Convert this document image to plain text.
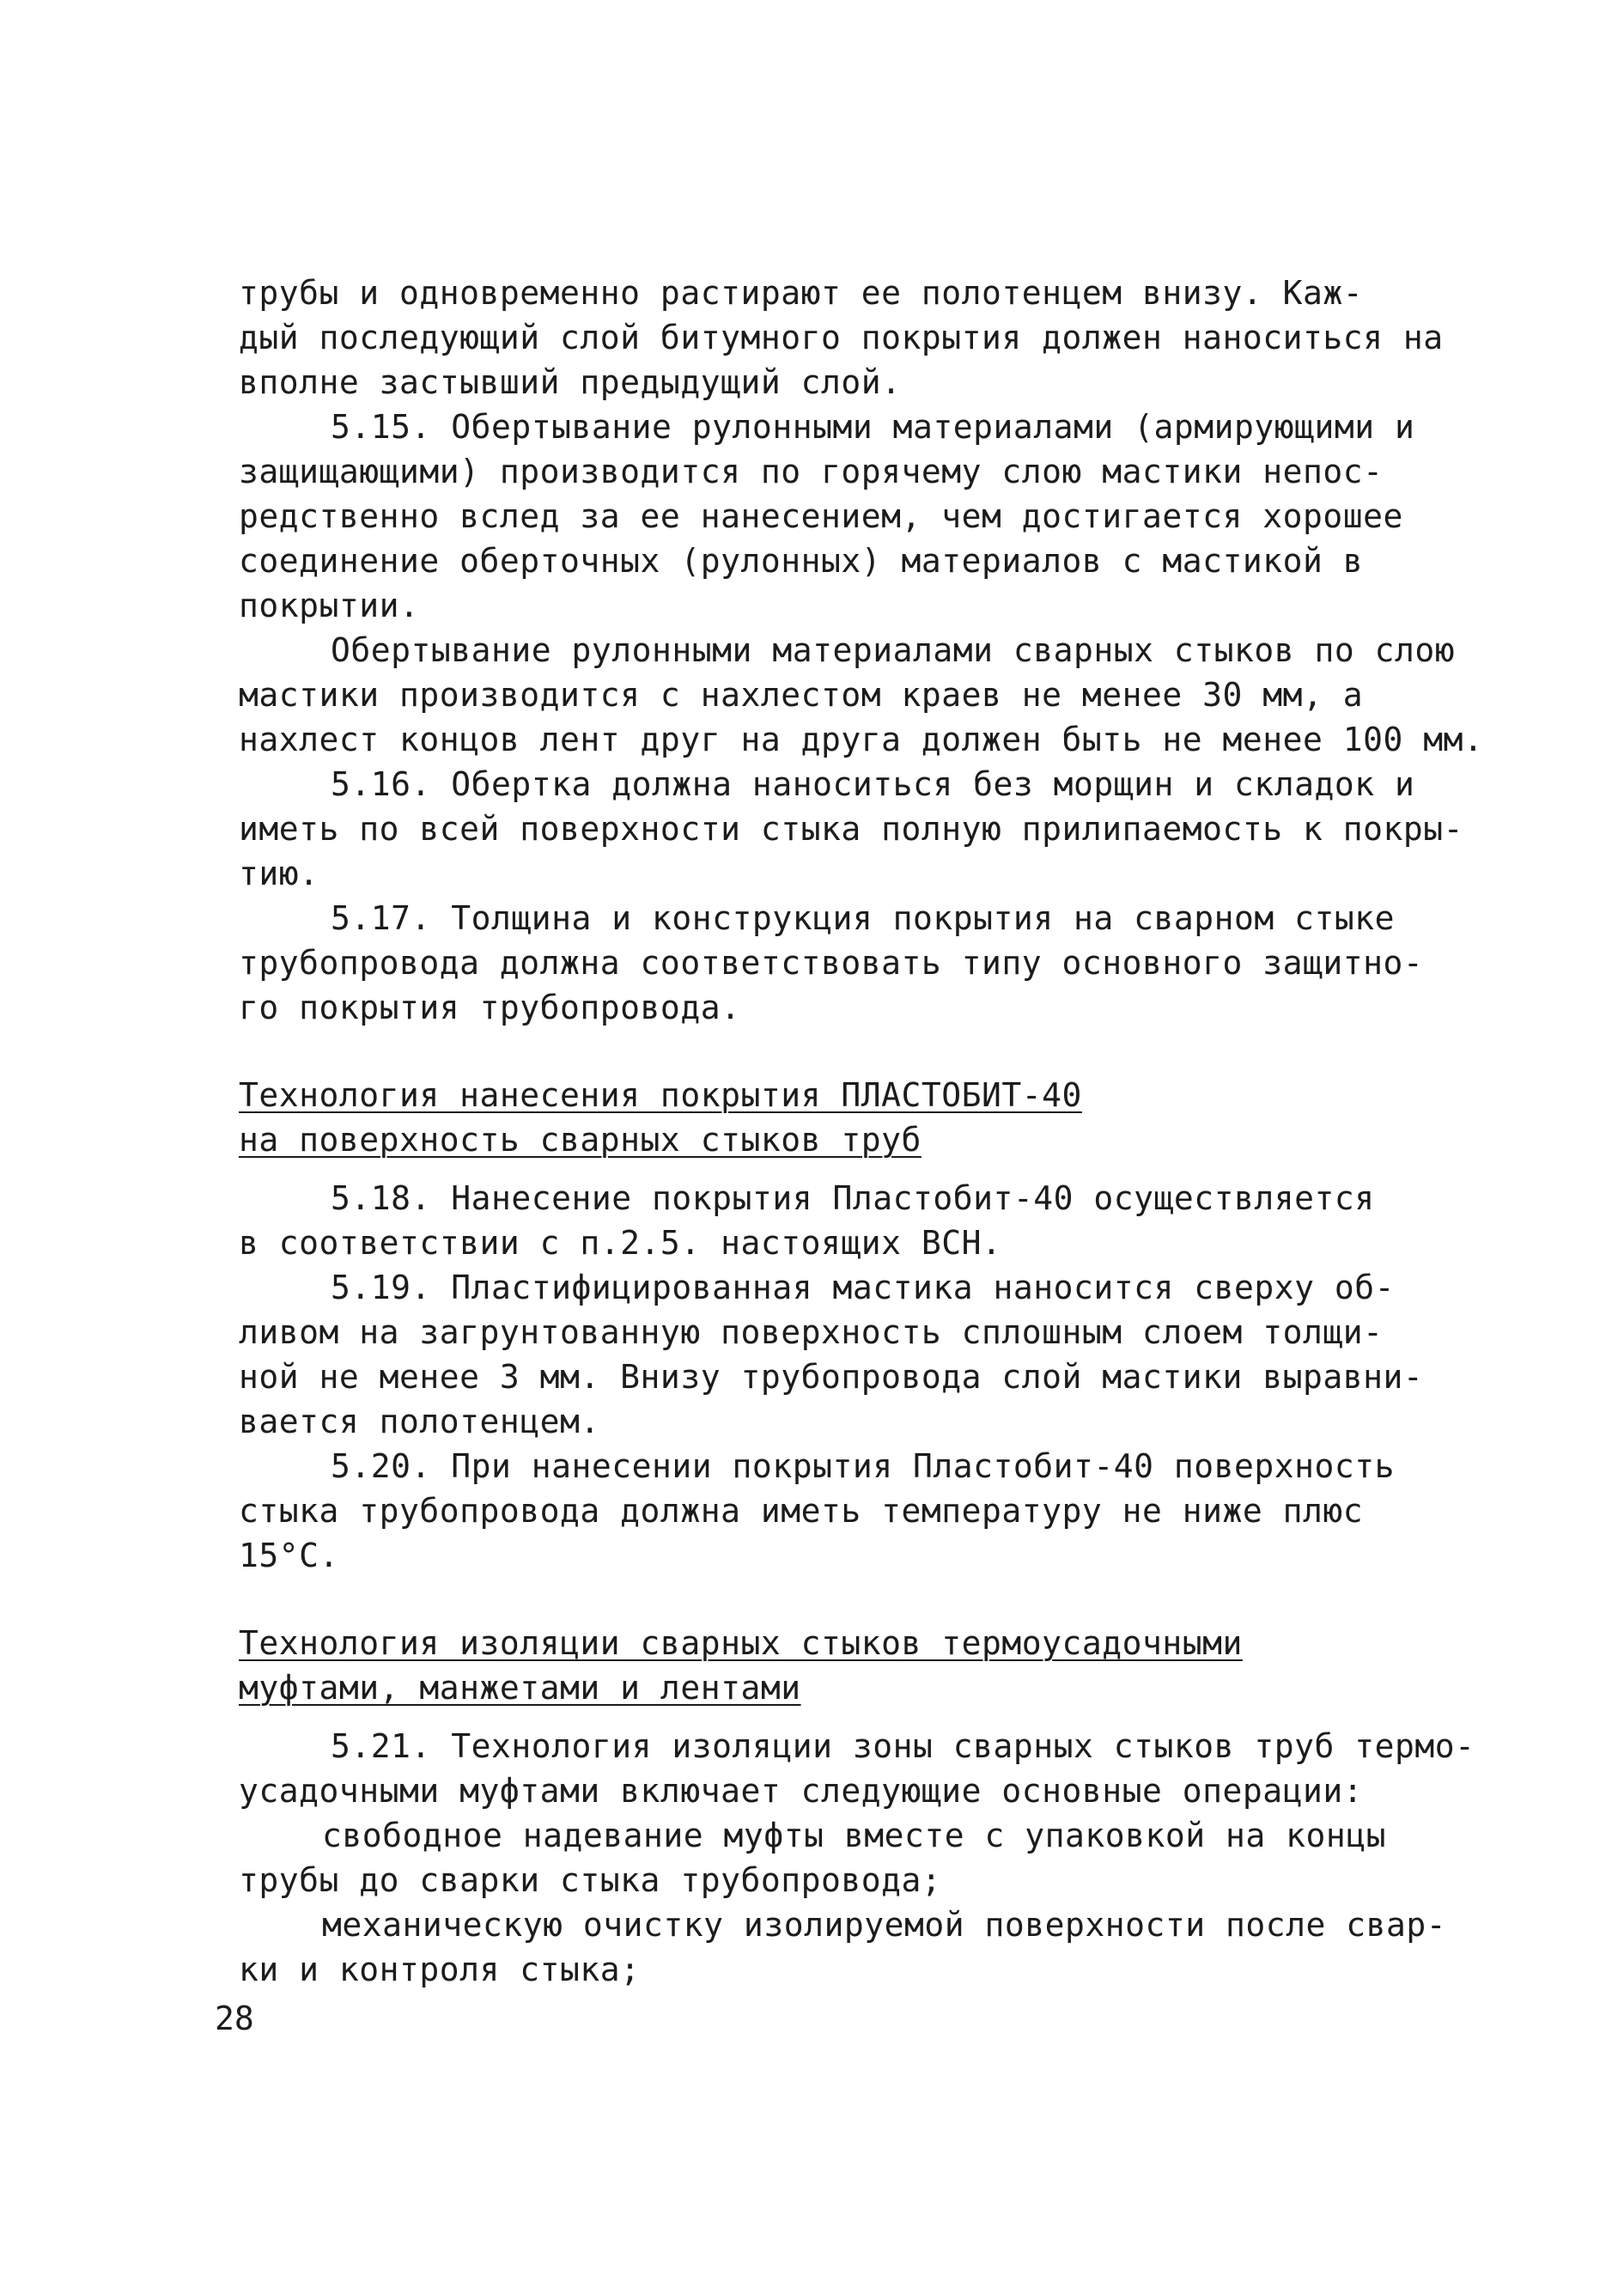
трубы и одновременно растирают ее полотенцем внизу. Каж-
дый последующий слой битумного покрытия должен наноситься на
вполне застывший предыдущий слой.
5.15. Обертывание рулонными материалами (армирующими и
защищающими) производится по горячему слою мастики непос-
редственно вслед за ее нанесением, чем достигается хорошее
соединение оберточных (рулонных) материалов с мастикой в
покрытии.
Обертывание рулонными материалами сварных стыков по слою
мастики производится с нахлестом краев не менее 30 мм, а
нахлест концов лент друг на друга должен быть не менее 100 мм.
5.16. Обертка должна наноситься без морщин и складок и
иметь по всей поверхности стыка полную прилипаемость к покры-
тию.
5.17. Толщина и конструкция покрытия на сварном стыке
трубопровода должна соответствовать типу основного защитно-
го покрытия трубопровода.
Технология нанесения покрытия ПЛАСТОБИТ-40
на поверхность сварных стыков труб
5.18. Нанесение покрытия Пластобит-40 осуществляется
в соответствии с п.2.5. настоящих ВСН.
5.19. Пластифицированная мастика наносится сверху об-
ливом на загрунтованную поверхность сплошным слоем толщи-
ной не менее 3 мм. Внизу трубопровода слой мастики выравни-
вается полотенцем.
5.20. При нанесении покрытия Пластобит-40 поверхность
стыка трубопровода должна иметь температуру не ниже плюс
15°С.
Технология изоляции сварных стыков термоусадочными
муфтами, манжетами и лентами
5.21. Технология изоляции зоны сварных стыков труб термо-
усадочными муфтами включает следующие основные операции:
свободное надевание муфты вместе с упаковкой на концы
трубы до сварки стыка трубопровода;
механическую очистку изолируемой поверхности после свар-
ки и контроля стыка;
28
